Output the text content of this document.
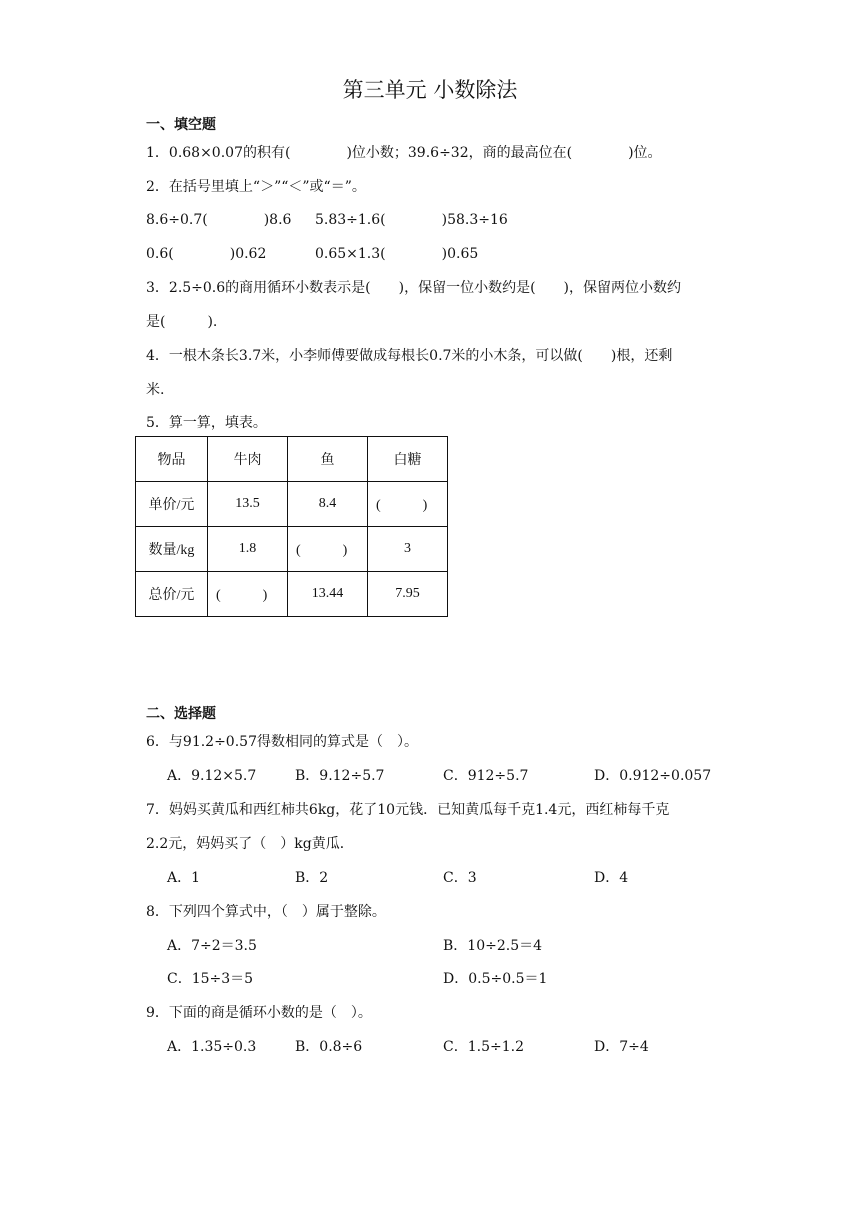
第三单元 小数除法
一、填空题
1．0.68×0.07的积有(　　　　)位小数；39.6÷32，商的最高位在(　　　　)位。
2．在括号里填上“＞”“＜”或“＝”。
8.6÷0.7(　　　　)8.6 5.83÷1.6(　　　　)58.3÷16
0.6(　　　　)0.62	0.65×1.3(　　　　)0.65
3．2.5÷0.6的商用循环小数表示是(　　)，保留一位小数约是(　　)，保留两位小数约
是(　　　).
4．一根木条长3.7米，小李师傅要做成每根长0.7米的小木条，可以做(　　)根，还剩
米.
5．算一算，填表。
物品	牛肉	鱼	白糖
单价/元	13.5	8.4	(　　　)
数量/kg	1.8	(　　　)	3
总价/元	(　　　)	13.44	7.95
二、选择题
6．与91.2÷0.57得数相同的算式是（　）。
A．9.12×5.7	B．9.12÷5.7	C．912÷5.7	D．0.912÷0.057
7．妈妈买黄瓜和西红柿共6kg，花了10元钱．已知黄瓜每千克1.4元，西红柿每千克
2.2元，妈妈买了（　）kg黄瓜．
A．1	B．2	C．3	D．4
8．下列四个算式中，（　）属于整除。
A．7÷2＝3.5	B．10÷2.5＝4
C．15÷3＝5	D．0.5÷0.5＝1
9．下面的商是循环小数的是（　）。
A．1.35÷0.3	B．0.8÷6	C．1.5÷1.2	D．7÷4
